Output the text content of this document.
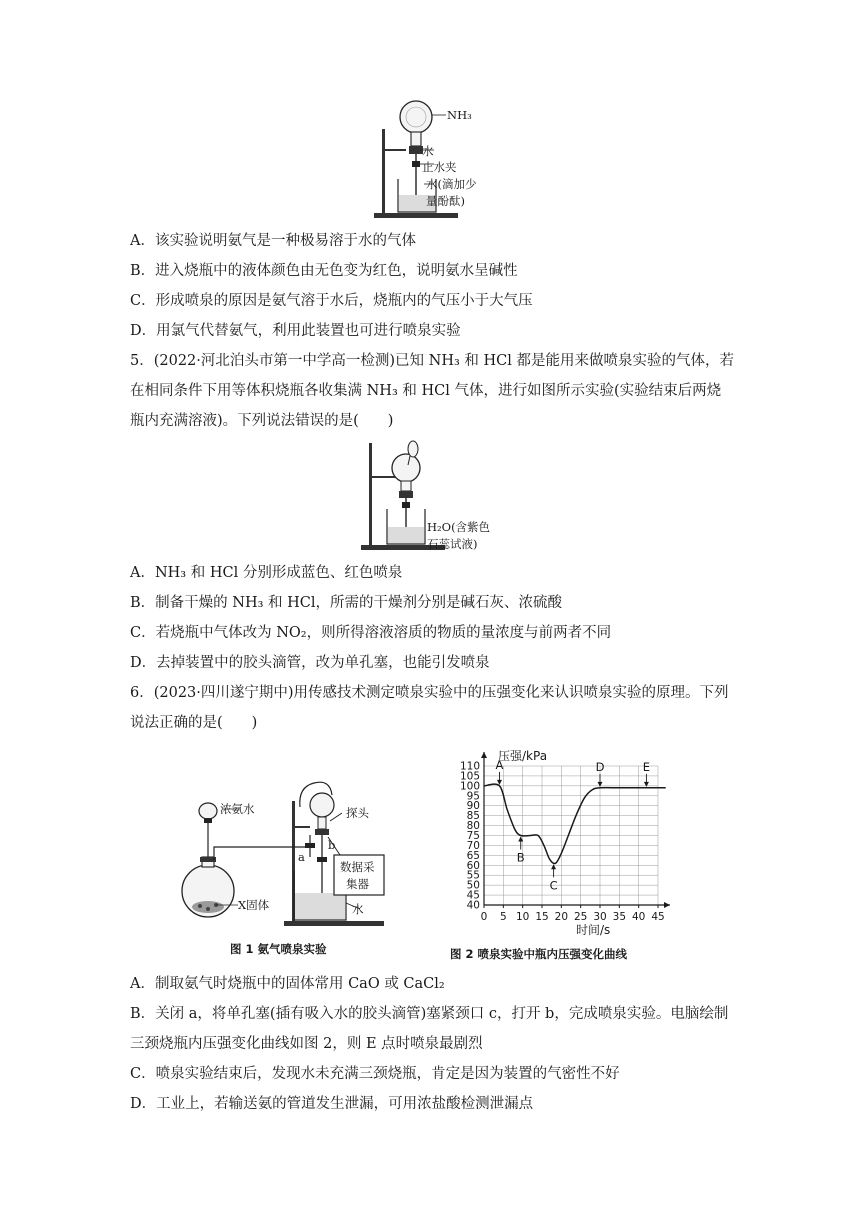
NH₃
水
止水夹
水(滴加少
量酚酞)
A．该实验说明氨气是一种极易溶于水的气体
B．进入烧瓶中的液体颜色由无色变为红色，说明氨水呈碱性
C．形成喷泉的原因是氨气溶于水后，烧瓶内的气压小于大气压
D．用氯气代替氨气，利用此装置也可进行喷泉实验
5．(2022·河北泊头市第一中学高一检测)已知 NH₃ 和 HCl 都是能用来做喷泉实验的气体，若
在相同条件下用等体积烧瓶各收集满 NH₃ 和 HCl 气体，进行如图所示实验(实验结束后两烧
瓶内充满溶液)。下列说法错误的是(　　)
H₂O(含紫色
石蕊试液)
A．NH₃ 和 HCl 分别形成蓝色、红色喷泉
B．制备干燥的 NH₃ 和 HCl，所需的干燥剂分别是碱石灰、浓硫酸
C．若烧瓶中气体改为 NO₂，则所得溶液溶质的物质的量浓度与前两者不同
D．去掉装置中的胶头滴管，改为单孔塞，也能引发喷泉
6．(2023·四川遂宁期中)用传感技术测定喷泉实验中的压强变化来认识喷泉实验的原理。下列
说法正确的是(　　)
浓氨水	探头
a
b
数据采
集器
X固体	水
图 1 氨气喷泉实验
40
45
50
55
60
65
70
75
80
85
90
95
100
105
110
0 5 10 15 20 25 30 35 40 45
A
B
C
D	E
压强/kPa
时间/s
图 2 喷泉实验中瓶内压强变化曲线
A．制取氨气时烧瓶中的固体常用 CaO 或 CaCl₂
B．关闭 a，将单孔塞(插有吸入水的胶头滴管)塞紧颈口 c，打开 b，完成喷泉实验。电脑绘制
三颈烧瓶内压强变化曲线如图 2，则 E 点时喷泉最剧烈
C．喷泉实验结束后，发现水未充满三颈烧瓶，肯定是因为装置的气密性不好
D．工业上，若输送氨的管道发生泄漏，可用浓盐酸检测泄漏点
